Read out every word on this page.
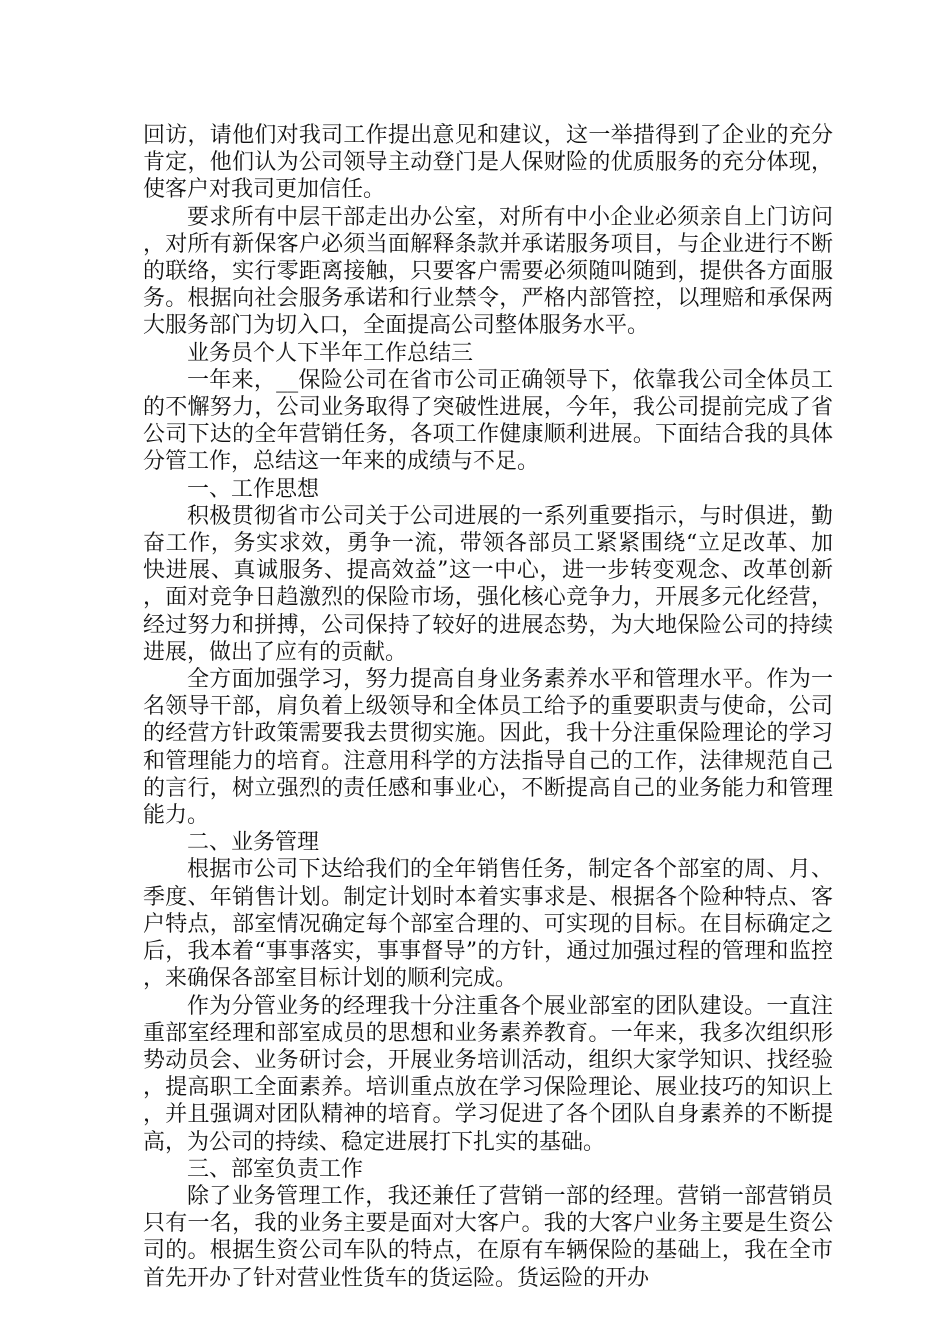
回访，请他们对我司工作提出意见和建议，这一举措得到了企业的充分肯定，他们认为公司领导主动登门是人保财险的优质服务的充分体现，使客户对我司更加信任。

要求所有中层干部走出办公室，对所有中小企业必须亲自上门访问，对所有新保客户必须当面解释条款并承诺服务项目，与企业进行不断的联络，实行零距离接触，只要客户需要必须随叫随到，提供各方面服务。根据向社会服务承诺和行业禁令，严格内部管控，以理赔和承保两大服务部门为切入口，全面提高公司整体服务水平。

业务员个人下半年工作总结三

一年来，__保险公司在省市公司正确领导下，依靠我公司全体员工的不懈努力，公司业务取得了突破性进展，今年，我公司提前完成了省公司下达的全年营销任务，各项工作健康顺利进展。下面结合我的具体分管工作，总结这一年来的成绩与不足。

一、工作思想

积极贯彻省市公司关于公司进展的一系列重要指示，与时俱进，勤奋工作，务实求效，勇争一流，带领各部员工紧紧围绕“立足改革、加快进展、真诚服务、提高效益”这一中心，进一步转变观念、改革创新，面对竞争日趋激烈的保险市场，强化核心竞争力，开展多元化经营，经过努力和拼搏，公司保持了较好的进展态势，为大地保险公司的持续进展，做出了应有的贡献。

全方面加强学习，努力提高自身业务素养水平和管理水平。作为一名领导干部，肩负着上级领导和全体员工给予的重要职责与使命，公司的经营方针政策需要我去贯彻实施。因此，我十分注重保险理论的学习和管理能力的培育。注意用科学的方法指导自己的工作，法律规范自己的言行，树立强烈的责任感和事业心，不断提高自己的业务能力和管理能力。

二、业务管理

根据市公司下达给我们的全年销售任务，制定各个部室的周、月、季度、年销售计划。制定计划时本着实事求是、根据各个险种特点、客户特点，部室情况确定每个部室合理的、可实现的目标。在目标确定之后，我本着“事事落实，事事督导”的方针，通过加强过程的管理和监控，来确保各部室目标计划的顺利完成。

作为分管业务的经理我十分注重各个展业部室的团队建设。一直注重部室经理和部室成员的思想和业务素养教育。一年来，我多次组织形势动员会、业务研讨会，开展业务培训活动，组织大家学知识、找经验，提高职工全面素养。培训重点放在学习保险理论、展业技巧的知识上，并且强调对团队精神的培育。学习促进了各个团队自身素养的不断提高，为公司的持续、稳定进展打下扎实的基础。

三、部室负责工作

除了业务管理工作，我还兼任了营销一部的经理。营销一部营销员只有一名，我的业务主要是面对大客户。我的大客户业务主要是生资公司的。根据生资公司车队的特点，在原有车辆保险的基础上，我在全市首先开办了针对营业性货车的货运险。货运险的开办
